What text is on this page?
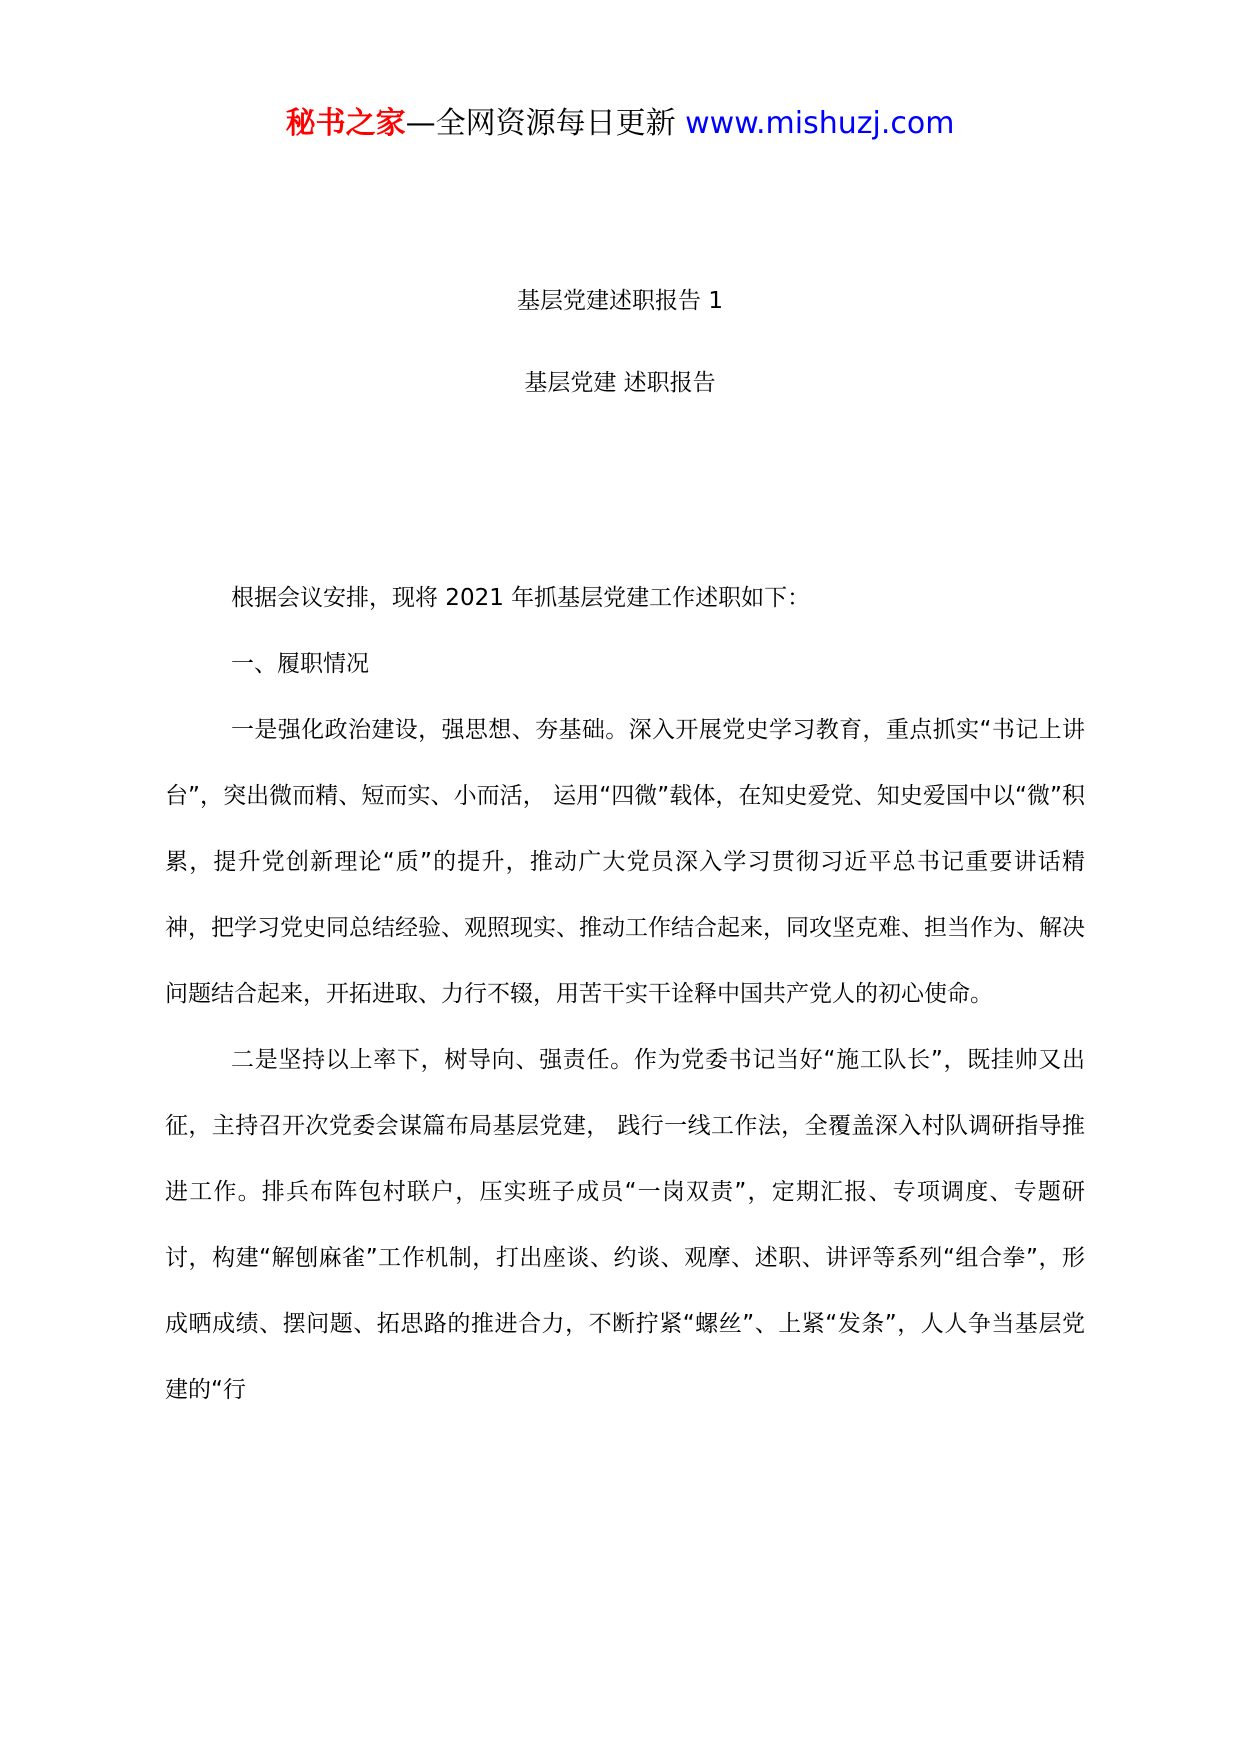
秘书之家—全网资源每日更新 www.mishuzj.com
基层党建述职报告 1
基层党建 述职报告

根据会议安排，现将 2021 年抓基层党建工作述职如下：

一、履职情况

一是强化政治建设，强思想、夯基础。深入开展党史学习教育，重点抓实“书记上讲台”，突出微而精、短而实、小而活， 运用“四微”载体，在知史爱党、知史爱国中以“微”积累，提升党创新理论“质”的提升，推动广大党员深入学习贯彻习近平总书记重要讲话精神，把学习党史同总结经验、观照现实、推动工作结合起来，同攻坚克难、担当作为、解决问题结合起来，开拓进取、力行不辍，用苦干实干诠释中国共产党人的初心使命。

二是坚持以上率下，树导向、强责任。作为党委书记当好“施工队长”，既挂帅又出征，主持召开次党委会谋篇布局基层党建， 践行一线工作法，全覆盖深入村队调研指导推进工作。排兵布阵包村联户，压实班子成员“一岗双责”，定期汇报、专项调度、专题研讨，构建“解刨麻雀”工作机制，打出座谈、约谈、观摩、述职、讲评等系列“组合拳”，形成晒成绩、摆问题、拓思路的推进合力，不断拧紧“螺丝”、上紧“发条”，人人争当基层党建的“行
